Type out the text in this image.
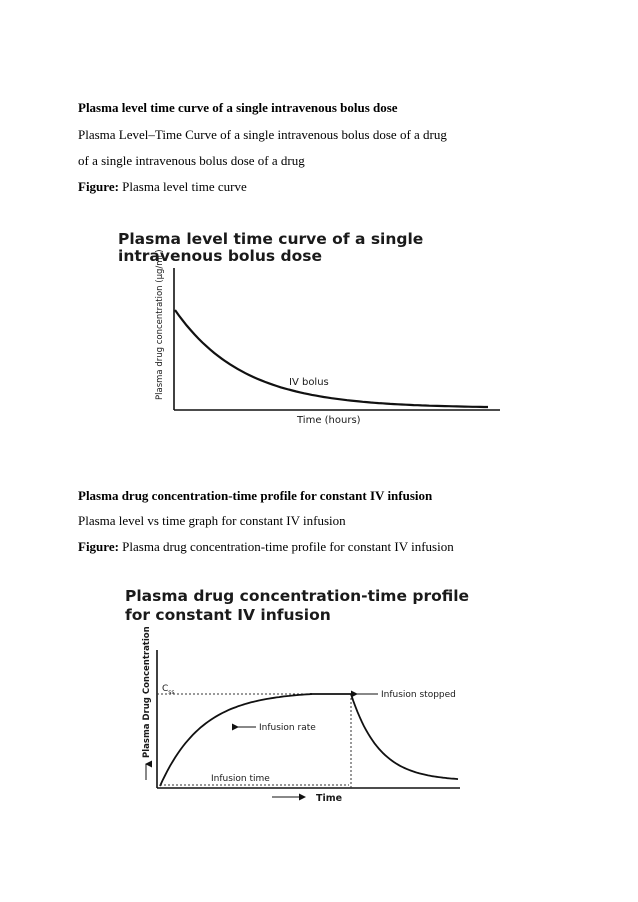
Plasma level time curve of a single intravenous bolus dose
Plasma Level–Time Curve of a single intravenous bolus dose of a drug
of a single intravenous bolus dose of a drug
Figure: Plasma level time curve
Plasma level time curve of a single
intravenous bolus dose
IV bolus
Time (hours)
Plasma drug concentration (μg/mL)
Plasma drug concentration-time profile for constant IV infusion
Plasma level vs time graph for constant IV infusion
Figure: Plasma drug concentration-time profile for constant IV infusion
Plasma drug concentration-time profile
for constant IV infusion
$C_{ss}$
Infusion rate
Infusion stopped
Infusion time
Time
Plasma Drug Concentration
